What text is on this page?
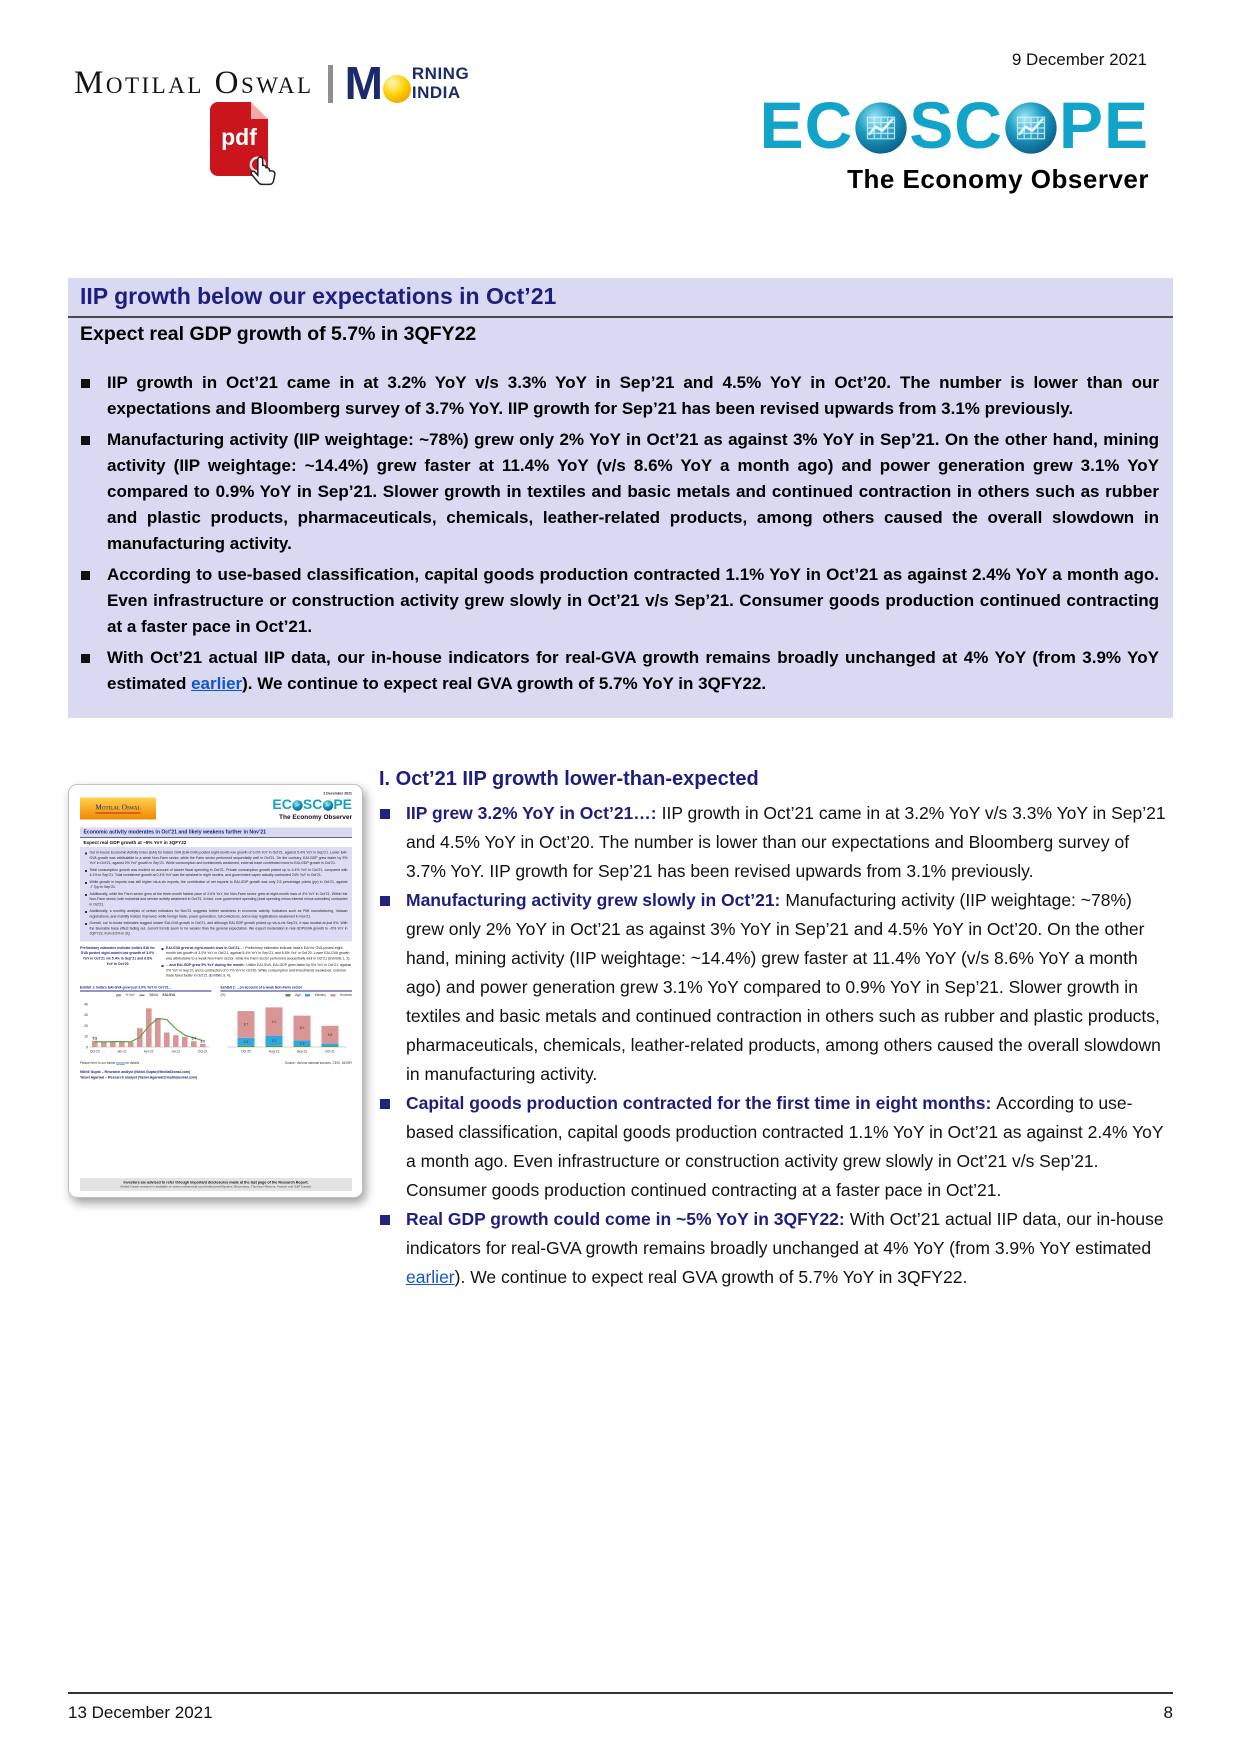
Motilal Oswal M RNING
INDIA
pdf
9 December 2021
EC SC PE
The Economy Observer
IIP growth below our expectations in Oct’21
Expect real GDP growth of 5.7% in 3QFY22
IIP growth in Oct’21 came in at 3.2% YoY v/s 3.3% YoY in Sep’21 and 4.5% YoY in Oct’20. The number is lower than our expectations and Bloomberg survey of 3.7% YoY. IIP growth for Sep’21 has been revised upwards from 3.1% previously.
Manufacturing activity (IIP weightage: ~78%) grew only 2% YoY in Oct’21 as against 3% YoY in Sep’21. On the other hand, mining activity (IIP weightage: ~14.4%) grew faster at 11.4% YoY (v/s 8.6% YoY a month ago) and power generation grew 3.1% YoY compared to 0.9% YoY in Sep’21. Slower growth in textiles and basic metals and continued contraction in others such as rubber and plastic products, pharmaceuticals, chemicals, leather-related products, among others caused the overall slowdown in manufacturing activity.
According to use-based classification, capital goods production contracted 1.1% YoY in Oct’21 as against 2.4% YoY a month ago. Even infrastructure or construction activity grew slowly in Oct’21 v/s Sep’21. Consumer goods production continued contracting at a faster pace in Oct’21.
With Oct’21 actual IIP data, our in-house indicators for real-GVA growth remains broadly unchanged at 4% YoY (from 3.9% YoY estimated earlier). We continue to expect real GVA growth of 5.7% YoY in 3QFY22.
2 December 2021
Motilal Oswal	EC SC PE
The Economy Observer
Economic activity moderates in Oct’21 and likely weakens further in Nov’21
Expect real GDP growth at ~5% YoY in 3QFY22
Our in-house Economic Activity Index (EAI) for India’s GVA (EAI-GVA) posted eight-month low growth of 3.0% YoY in Oct’21, against 5.4% YoY in Sep’21. Lower EAI-GVA growth was attributable to a weak Non-Farm sector, while the Farm sector performed sequentially well in Oct’21. On the contrary, EAI-GDP grew faster by 5% YoY in Oct’21, against 2% YoY growth in Sep’21. While consumption and investments weakened, external trade contributed more to EAI-GDP growth in Oct’21.
Total consumption growth was modest on account of slower fiscal spending in Oct’21. Private consumption growth picked up to 4.4% YoY in Oct’21, compared with 4.1% in Sep’21. Total investment growth at 0.4% YoY was the weakest in eight months, and government capex actually contracted 24% YoY in Oct’21.
While growth in imports was still higher vis-à-vis exports, the contribution of net exports to EAI-GDP growth was only 2.5 percentage points (pp) in Oct’21, against -7.7pp in Sep’21.
Additionally, while the Farm sector grew at the three-month fastest pace of 2.6% YoY, the Non-Farm sector grew at eight-month lows of 4% YoY in Oct’21. Within the Non-Farm sector, both industrial and service activity weakened in Oct’21. In fact, core government spending (total spending minus interest minus subsidies) contracted in Oct’21.
Additionally, a monthly analysis of certain indicators for Nov’21 suggests further weakness in economic activity. Indicators such as PMI manufacturing, Vahaan registrations, and mobility indices improved, while foreign trade, power generation, toll collections, and e-way registrations weakened in Nov’21.
Overall, our in-house estimates suggest slower EAI-GVA growth in Oct’21, and although EAI-GDP growth picked up vis-à-vis Sep’21, it was modest at just 5%. With the favorable base effect fading out, current trends seem to be weaker than the general expectation. We expect moderation in real GDP/GVA growth to ~5% YoY in 3QFY22, from 8.5% in 2Q.
Preliminary estimates indicate India’s EAI for GVA posted eight-month low growth of 3.0% YoY in Oct’21 v/s 5.4% in Sep’21 and 6.8% YoY in Oct’20
EAI-GVA grew at eight-month lows in Oct’21…: Preliminary estimates indicate India’s EAI for GVA posted eight-month low growth of 3.0% YoY in Oct’21, against 5.4% YoY in Sep’21, and 6.8% YoY in Oct’20. Lower EAI-GVA growth was attributable to a weak Non-Farm sector, while the Farm sector performed sequentially well in Oct’21 (Exhibits 1, 2).
…and EAI-GDP grew 5% YoY during the month: Unlike EAI-GVA, EAI-GDP grew faster by 5% YoY in Oct’21, against 2% YoY in Sep’21 and a contraction of 0.7% YoY in Oct’20. While consumption and investments weakened, external trade fared better in Oct’21 (Exhibits 3, 4).
Exhibit 1: India’s EAI-GVA grew just 3.0% YoY in Oct’21...
% YoY 3MMA EAI-GVA
0
10
20
30
40
5.8	5.4
3.0
Oct-20	Jan-21	Apr-21	Jul-21	Oct-21
Exhibit 2: ...on account of a weak Non-Farm sector
(%)	Agri Industry Services
2.6
8.7
Oct-20
3.3
9.2
Aug-21
1.9
8.0
Sep-21
5.8
Oct-21
Please refer to our earlier report for details	Source: Various national sources, CEIC, MOSPI
Nikhil Gupta – Research analyst (Nikhil.Gupta@MotilalOswal.com)
Yaswi Agarwal – Research analyst (Yaswi.Agarwal@motilaloswal.com)
Investors are advised to refer through important disclosures made at the last page of the Research Report.
Motilal Oswal research is available on www.motilaloswal.com/Institutional-Equities, Bloomberg, Thomson Reuters, Factset and S&P Capital.
I. Oct’21 IIP growth lower-than-expected
IIP grew 3.2% YoY in Oct’21…: IIP growth in Oct’21 came in at 3.2% YoY v/s 3.3% YoY in Sep’21 and 4.5% YoY in Oct’20. The number is lower than our expectations and Bloomberg survey of 3.7% YoY. IIP growth for Sep’21 has been revised upwards from 3.1% previously.
Manufacturing activity grew slowly in Oct’21: Manufacturing activity (IIP weightage: ~78%) grew only 2% YoY in Oct’21 as against 3% YoY in Sep’21 and 4.5% YoY in Oct’20. On the other hand, mining activity (IIP weightage: ~14.4%) grew faster at 11.4% YoY (v/s 8.6% YoY a month ago) and power generation grew 3.1% YoY compared to 0.9% YoY in Sep’21. Slower growth in textiles and basic metals and continued contraction in others such as rubber and plastic products, pharmaceuticals, chemicals, leather-related products, among others caused the overall slowdown in manufacturing activity.
Capital goods production contracted for the first time in eight months: According to use-based classification, capital goods production contracted 1.1% YoY in Oct’21 as against 2.4% YoY a month ago. Even infrastructure or construction activity grew slowly in Oct’21 v/s Sep’21. Consumer goods production continued contracting at a faster pace in Oct’21.
Real GDP growth could come in ~5% YoY in 3QFY22: With Oct’21 actual IIP data, our in-house indicators for real-GVA growth remains broadly unchanged at 4% YoY (from 3.9% YoY estimated earlier). We continue to expect real GVA growth of 5.7% YoY in 3QFY22.
13 December 2021	8
